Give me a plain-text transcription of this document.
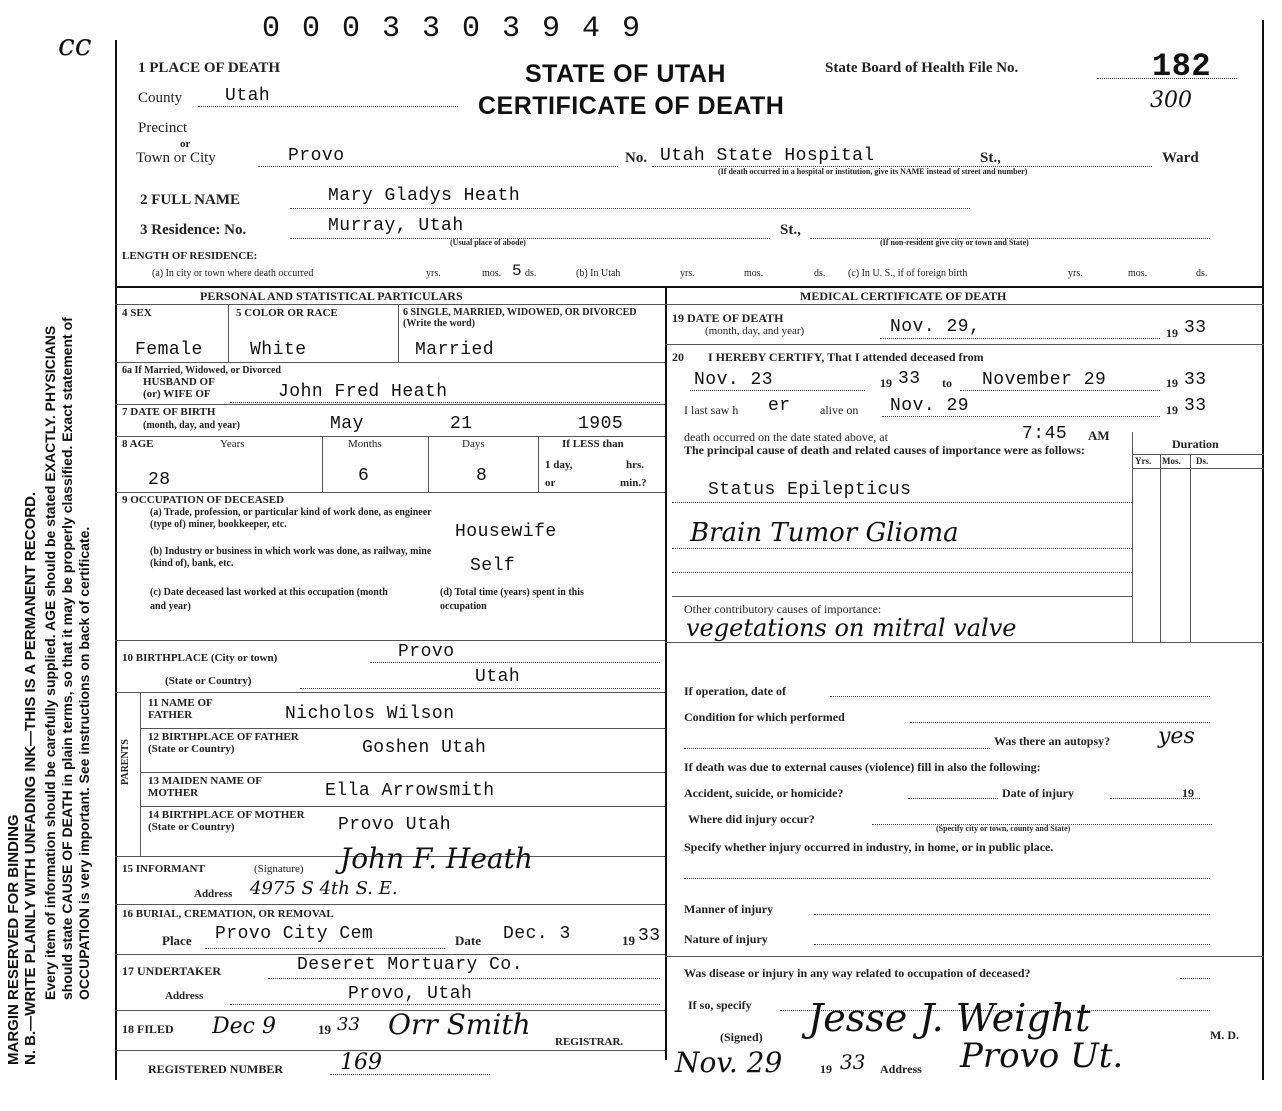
MARGIN RESERVED FOR BINDING N. B.—WRITE PLAINLY WITH UNFADING INK—THIS IS A PERMANENT RECORD. Every item of information should be carefully supplied. AGE should be stated EXACTLY. PHYSICIANS should state CAUSE OF DEATH in plain terms, so that it may be properly classified. Exact statement of OCCUPATION is very important. See instructions on back of certificate.
cc	0 0 0 3 3 0 3 9 4 9
1 PLACE OF DEATH	STATE OF UTAH
CERTIFICATE OF DEATH
State Board of Health File No.	182
300
County Utah
Precinct
or
Town or City	Provo	No. Utah State Hospital	St.,	Ward
(If death occurred in a hospital or institution, give its NAME instead of street and number)
2 FULL NAME	Mary Gladys Heath
3 Residence: No.	Murray, Utah
(Usual place of abode)
St.,
(If non-resident give city or town and State)
LENGTH OF RESIDENCE:
(a) In city or town where death occurred	yrs.	mos. 5 ds.	(b) In Utah	yrs.	mos.	ds. (c) In U. S., if of foreign birth	yrs.	mos.	ds.
PERSONAL AND STATISTICAL PARTICULARS	MEDICAL CERTIFICATE OF DEATH
4 SEX
Female
5 COLOR OR RACE
White
6 SINGLE, MARRIED, WIDOWED, OR DIVORCED (Write the word)
Married
6a If Married, Widowed, or Divorced
HUSBAND OF
(or) WIFE OF	John Fred Heath
7 DATE OF BIRTH
(month, day, and year)	May	21	1905
8 AGE	Years	Months	Days	If LESS than
1 day,	hrs.
or	min.?
28	6	8
9 OCCUPATION OF DECEASED
(a) Trade, profession, or particular kind of work done, as engineer (type of) miner, bookkeeper, etc.	Housewife
(b) Industry or business in which work was done, as railway, mine (kind of), bank, etc.	Self
(c) Date deceased last worked at this occupation (month and year)
(d) Total time (years) spent in this occupation
10 BIRTHPLACE (City or town)	Provo
(State or Country)	Utah
PARENTS
11 NAME OF FATHER	Nicholos Wilson
12 BIRTHPLACE OF FATHER (State or Country)	Goshen Utah
13 MAIDEN NAME OF MOTHER	Ella Arrowsmith
14 BIRTHPLACE OF MOTHER (State or Country)	Provo Utah
15 INFORMANT	(Signature) John F. Heath
Address 4975 S 4th S. E.
16 BURIAL, CREMATION, OR REMOVAL
Place Provo City Cem	Date Dec. 3	19 33
17 UNDERTAKER	Deseret Mortuary Co.
Address	Provo, Utah
18 FILED Dec 9	19 33 Orr Smith
REGISTRAR.
REGISTERED NUMBER	169
19 DATE OF DEATH
(month, day, and year)	Nov. 29,	19 33
20        I HEREBY CERTIFY, That I attended deceased from
Nov. 23	19 33 to November 29	19 33
I last saw h er alive on Nov. 29	19 33
death occurred on the date stated above, at	7:45 AM
The principal cause of death and related causes of importance were as follows:	Duration
Yrs. Mos. Ds.
Status Epilepticus
Brain Tumor Glioma
Other contributory causes of importance:
vegetations on mitral valve
If operation, date of
Condition for which performed
Was there an autopsy? yes
If death was due to external causes (violence) fill in also the following:
Accident, suicide, or homicide?	Date of injury	19
Where did injury occur?
(Specify city or town, county and State)
Specify whether injury occurred in industry, in home, or in public place.
Manner of injury
Nature of injury
Was disease or injury in any way related to occupation of deceased?
If so, specify
(Signed) Jesse J. Weight	M. D.
Nov. 29	19 33 Address Provo Ut.
